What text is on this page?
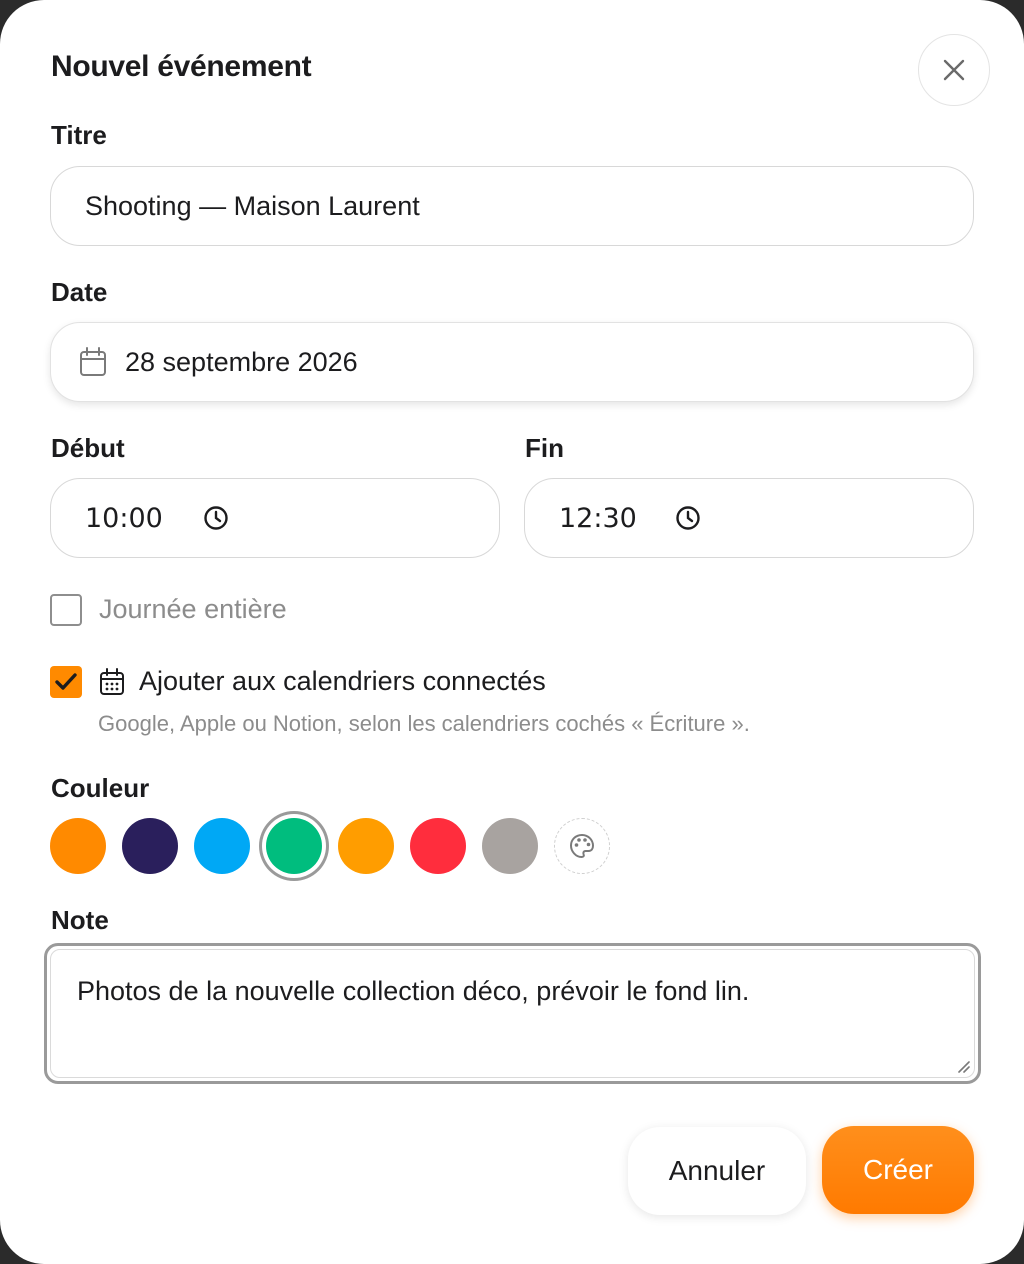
Nouvel événement
Titre
Shooting — Maison Laurent
Date
28 septembre 2026
Début	Fin
10:00	12:30
Journée entière
Ajouter aux calendriers connectés
Google, Apple ou Notion, selon les calendriers cochés « Écriture ».
Couleur
Note
Photos de la nouvelle collection déco, prévoir le fond lin.
Annuler	Créer
